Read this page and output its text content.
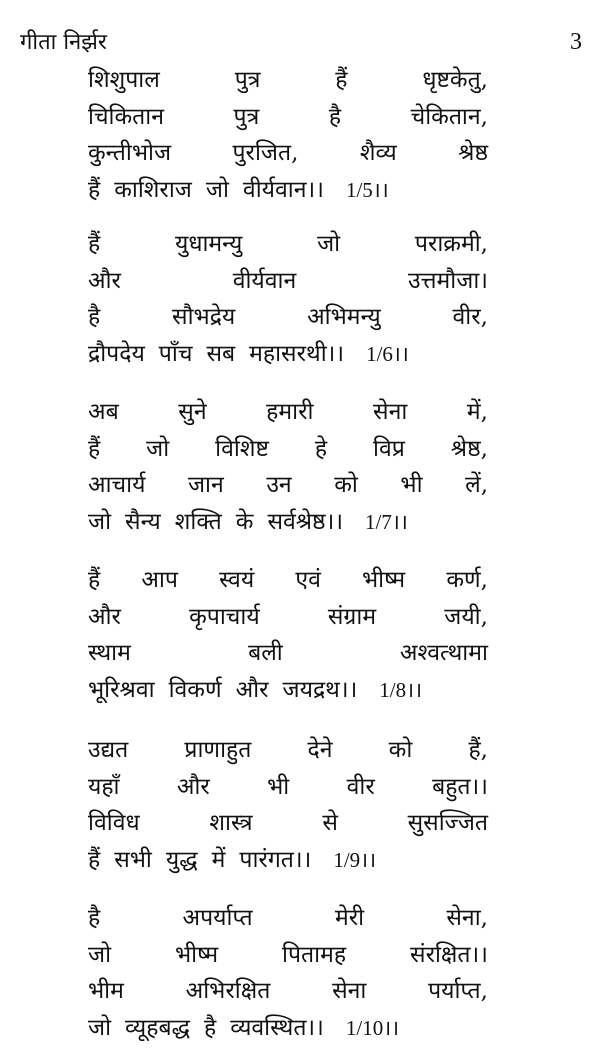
गीता निर्झर	3
शिशुपाल	पुत्र	हैं	धृष्टकेतु,
चिकितान	पुत्र	है	चेकितान,
कुन्तीभोज	पुरजित,	शैव्य	श्रेष्ठ
हैं काशिराज जो वीर्यवान।। 1/5।।
हैं	युधामन्यु	जो	पराक्रमी,
और	वीर्यवान	उत्तमौजा।
है	सौभद्रेय	अभिमन्यु	वीर,
द्रौपदेय पाँच सब महासरथी।। 1/6।।
अब	सुने	हमारी	सेना	में,
हैं जो विशिष्ट हे विप्र श्रेष्ठ,
आचार्य जान उन को भी लें,
जो सैन्य शक्ति के सर्वश्रेष्ठ।। 1/7।।
हैं आप स्वयं एवं भीष्म कर्ण,
और	कृपाचार्य	संग्राम	जयी,
स्थाम	बली	अश्वत्थामा
भूरिश्रवा विकर्ण और जयद्रथ।। 1/8।।
उद्यत प्राणाहुत देने को हैं,
यहाँ और भी वीर बहुत।।
विविध	शास्त्र	से	सुसज्जित
हैं सभी युद्ध में पारंगत।। 1/9।।
है	अपर्याप्त	मेरी	सेना,
जो	भीष्म	पितामह	संरक्षित।।
भीम	अभिरक्षित	सेना	पर्याप्त,
जो व्यूहबद्ध है व्यवस्थित।। 1/10।।
